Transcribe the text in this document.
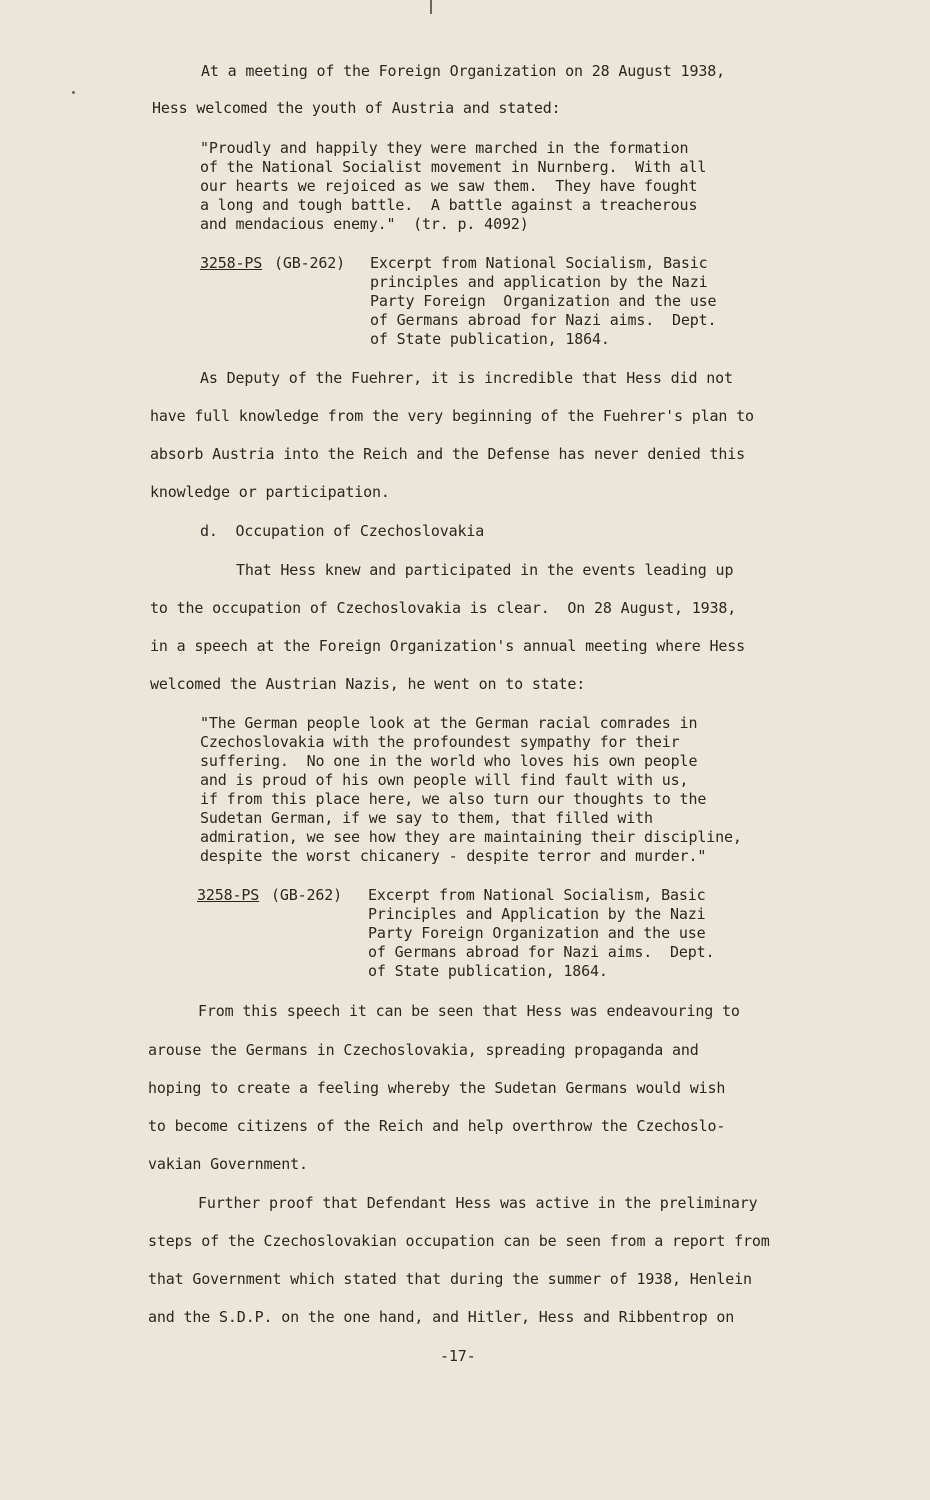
At a meeting of the Foreign Organization on 28 August 1938,
Hess welcomed the youth of Austria and stated:
"Proudly and happily they were marched in the formation
of the National Socialist movement in Nurnberg.  With all
our hearts we rejoiced as we saw them.  They have fought
a long and tough battle.  A battle against a treacherous
and mendacious enemy."  (tr. p. 4092)
3258-PS (GB-262) Excerpt from National Socialism, Basic
principles and application by the Nazi
Party Foreign  Organization and the use
of Germans abroad for Nazi aims.  Dept.
of State publication, 1864.
As Deputy of the Fuehrer, it is incredible that Hess did not
have full knowledge from the very beginning of the Fuehrer's plan to
absorb Austria into the Reich and the Defense has never denied this
knowledge or participation.
d.  Occupation of Czechoslovakia
That Hess knew and participated in the events leading up
to the occupation of Czechoslovakia is clear.  On 28 August, 1938,
in a speech at the Foreign Organization's annual meeting where Hess
welcomed the Austrian Nazis, he went on to state:
"The German people look at the German racial comrades in
Czechoslovakia with the profoundest sympathy for their
suffering.  No one in the world who loves his own people
and is proud of his own people will find fault with us,
if from this place here, we also turn our thoughts to the
Sudetan German, if we say to them, that filled with
admiration, we see how they are maintaining their discipline,
despite the worst chicanery - despite terror and murder."
3258-PS (GB-262) Excerpt from National Socialism, Basic
Principles and Application by the Nazi
Party Foreign Organization and the use
of Germans abroad for Nazi aims.  Dept.
of State publication, 1864.
From this speech it can be seen that Hess was endeavouring to
arouse the Germans in Czechoslovakia, spreading propaganda and
hoping to create a feeling whereby the Sudetan Germans would wish
to become citizens of the Reich and help overthrow the Czechoslo-
vakian Government.
Further proof that Defendant Hess was active in the preliminary
steps of the Czechoslovakian occupation can be seen from a report from
that Government which stated that during the summer of 1938, Henlein
and the S.D.P. on the one hand, and Hitler, Hess and Ribbentrop on
-17-
